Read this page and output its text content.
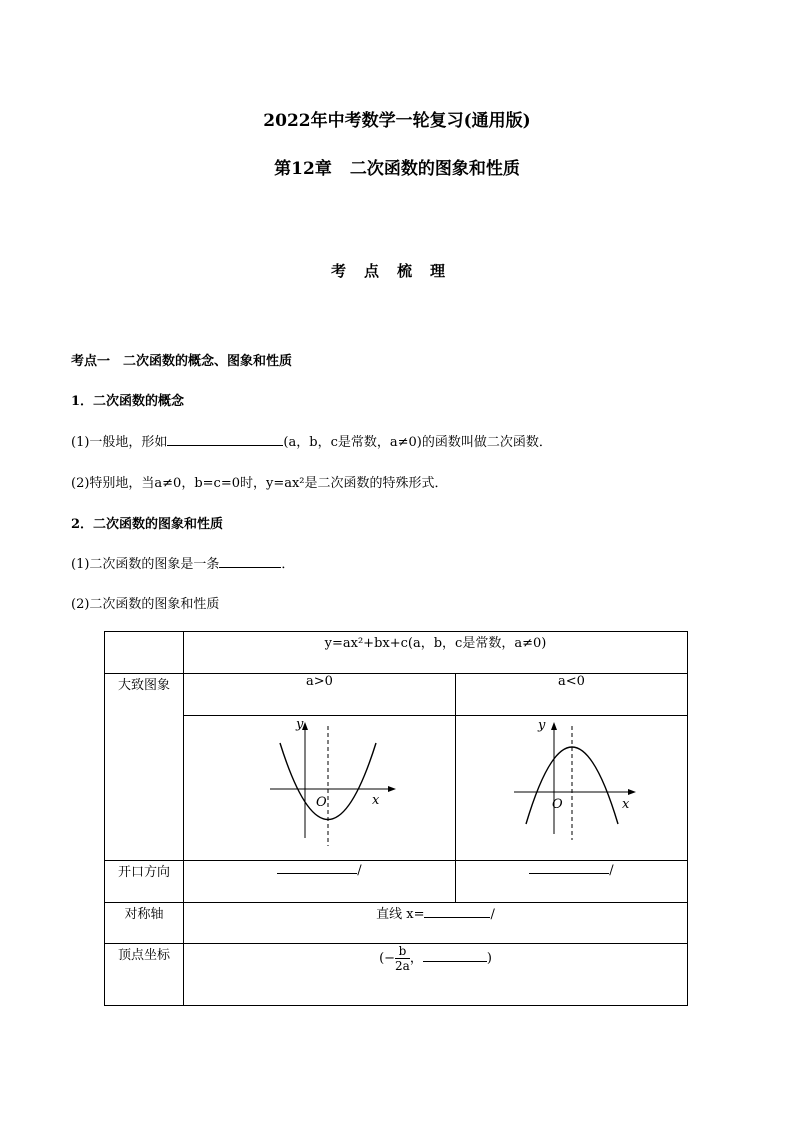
2022年中考数学一轮复习(通用版)
第12章 二次函数的图象和性质
考点梳理
考点一　二次函数的概念、图象和性质
1．二次函数的概念
(1)一般地，形如	(a，b，c是常数，a≠0)的函数叫做二次函数．
(2)特别地，当a≠0，b=c=0时，y=ax²是二次函数的特殊形式．
2．二次函数的图象和性质
(1)二次函数的图象是一条	．
(2)二次函数的图象和性质
	y=ax²+bx+c(a，b，c是常数，a≠0)	
大致图象	a>0	a<0

y
x
O	y
x
O

开口方向	/	/
对称轴	直线 x= /	
顶点坐标	(− $\frac{b}{2a}$ ， )	
